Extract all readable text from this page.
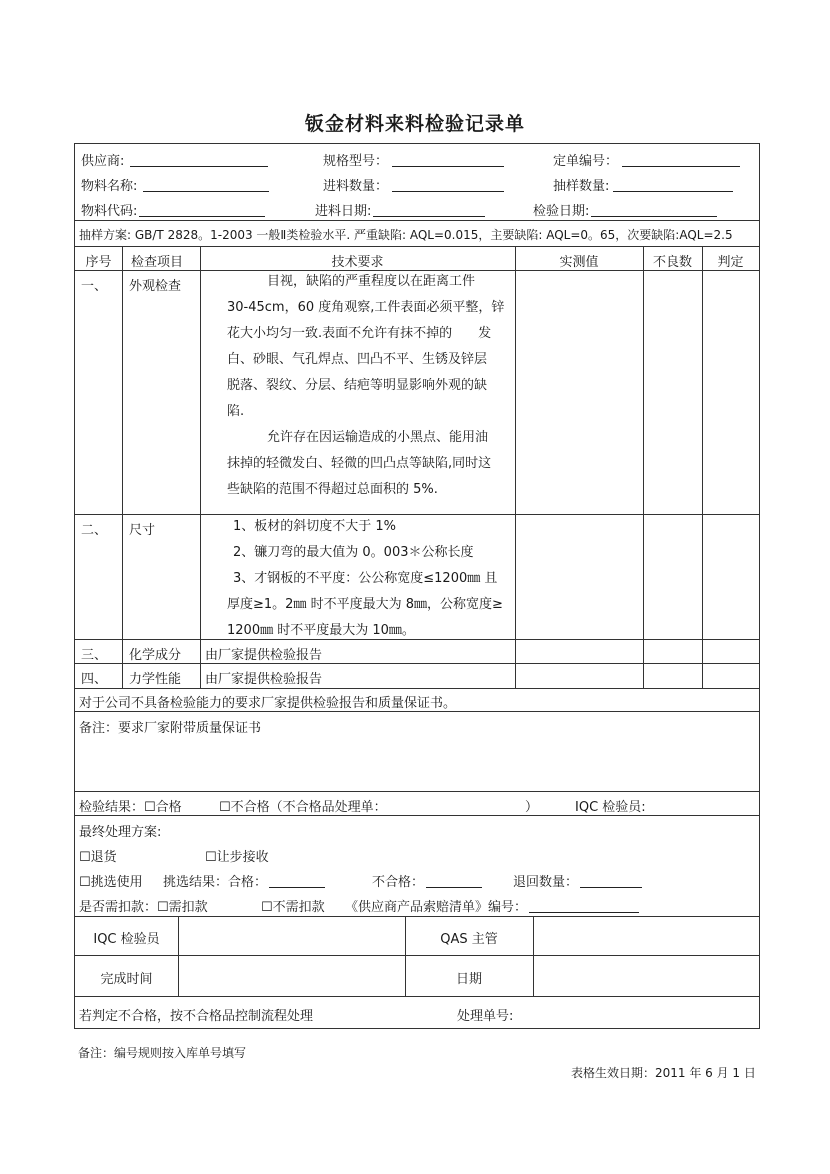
钣金材料来料检验记录单
供应商:	规格型号：	定单编号：
物料名称:	进料数量：	抽样数量:
物料代码:	进料日期:	检验日期:
抽样方案: GB/T 2828。1-2003 一般Ⅱ类检验水平. 严重缺陷: AQL=0.015，主要缺陷: AQL=0。65，次要缺陷:AQL=2.5
序号	检查项目	技术要求	实测值	不良数	判定
一、 外观检查	目视，缺陷的严重程度以在距离工件
30-45cm，60 度角观察,工件表面必须平整，锌
花大小均匀一致.表面不允许有抹不掉的　　发
白、砂眼、气孔焊点、凹凸不平、生锈及锌层
脱落、裂纹、分层、结疤等明显影响外观的缺
陷.
允许存在因运输造成的小黑点、能用油
抹掉的轻微发白、轻微的凹凸点等缺陷,同时这
些缺陷的范围不得超过总面积的 5%.
二、 尺寸	1、板材的斜切度不大于 1%
2、镰刀弯的最大值为 0。003＊公称长度
3、才钢板的不平度：公公称宽度≤1200㎜ 且
厚度≥1。2㎜ 时不平度最大为 8㎜，公称宽度≥
1200㎜ 时不平度最大为 10㎜。
三、 化学成分 由厂家提供检验报告
四、 力学性能 由厂家提供检验报告
对于公司不具备检验能力的要求厂家提供检验报告和质量保证书。
备注：要求厂家附带质量保证书
检验结果：☐合格	☐不合格（不合格品处理单：	）	IQC 检验员:
最终处理方案:
☐退货	☐让步接收
☐挑选使用 挑选结果：合格：	不合格：	退回数量：
是否需扣款：☐需扣款	☐不需扣款 《供应商产品索赔清单》编号：
IQC 检验员	QAS 主管
完成时间	日期
若判定不合格，按不合格品控制流程处理	处理单号:
备注：编号规则按入库单号填写
表格生效日期：2011 年 6 月 1 日
